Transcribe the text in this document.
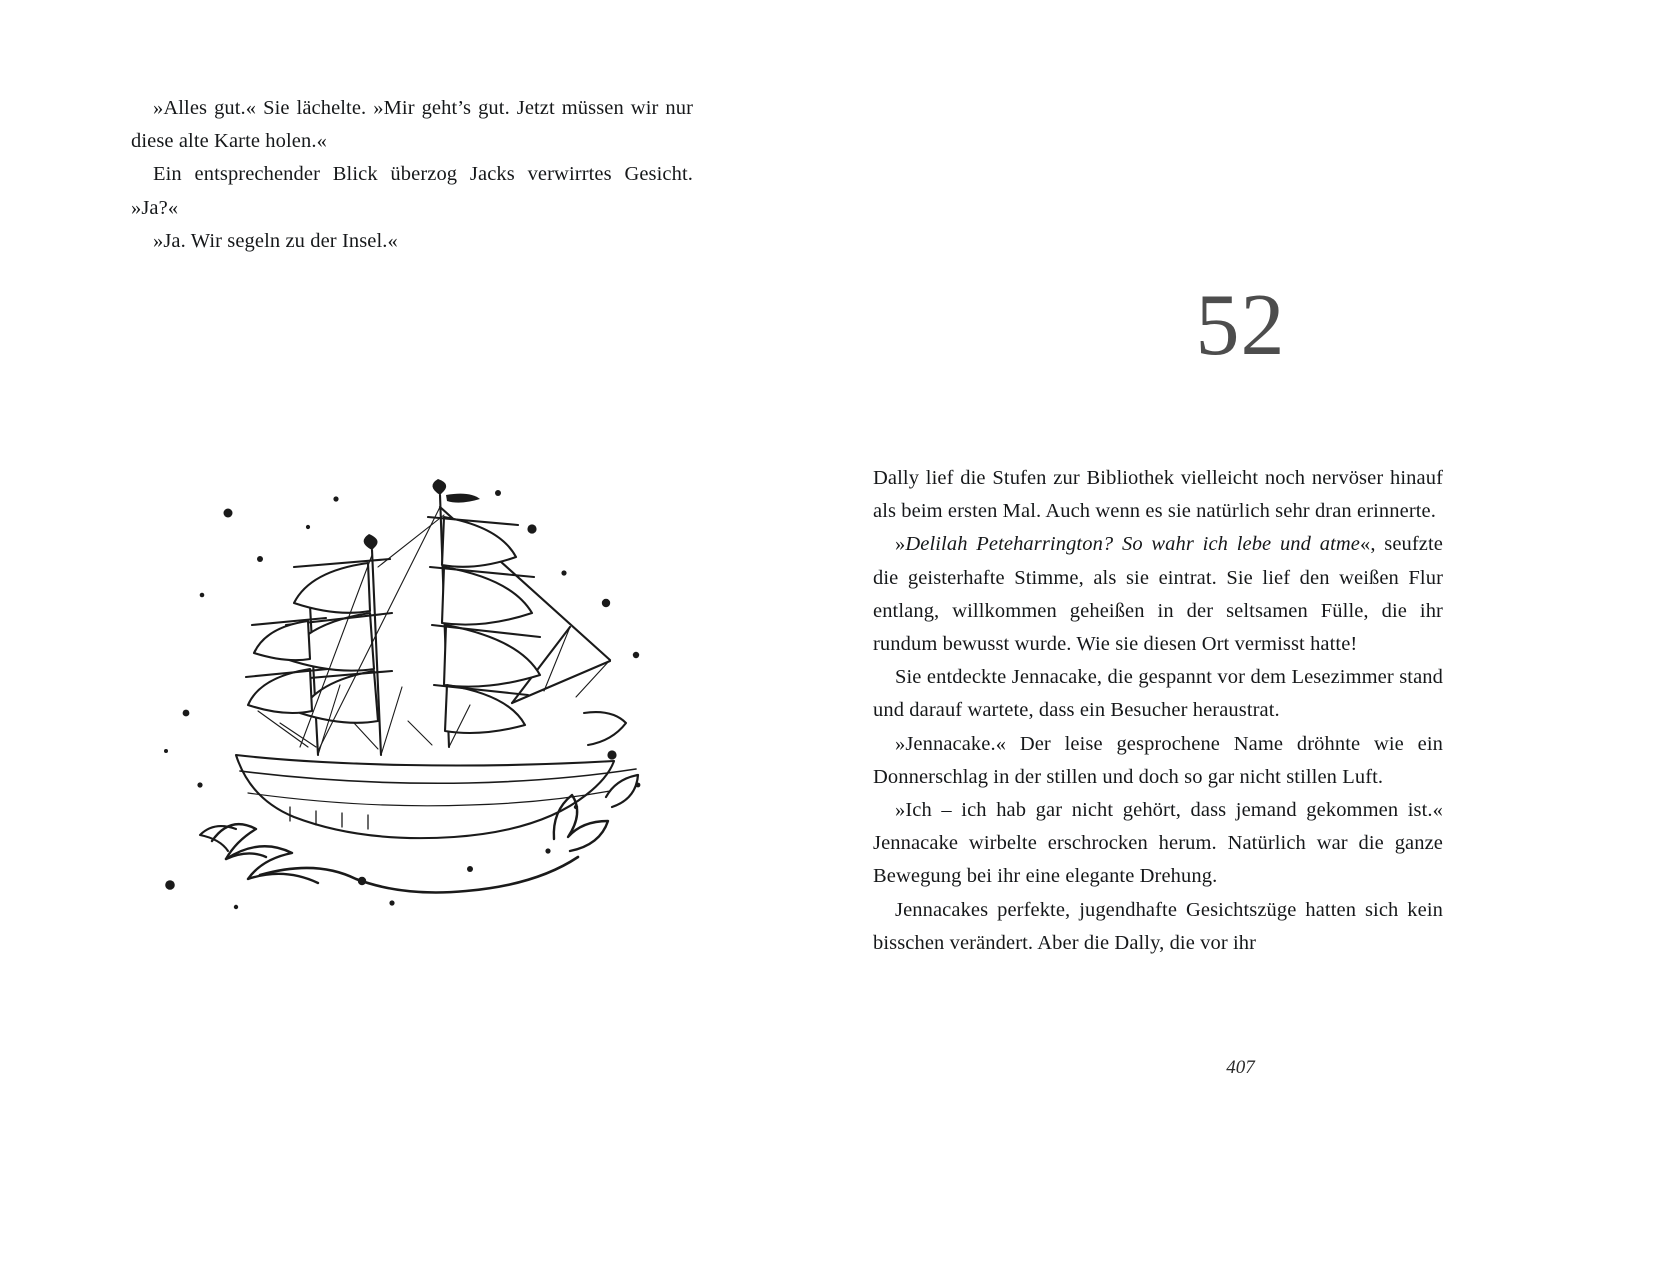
»Alles gut.« Sie lächelte. »Mir geht’s gut. Jetzt müssen wir nur diese alte Karte holen.«

Ein entsprechender Blick überzog Jacks verwirrtes Gesicht. »Ja?«

»Ja. Wir segeln zu der Insel.«

52

Dally lief die Stufen zur Bibliothek vielleicht noch nervöser hinauf als beim ersten Mal. Auch wenn es sie natürlich sehr dran erinnerte.

»Delilah Peteharrington? So wahr ich lebe und atme«, seufzte die geisterhafte Stimme, als sie eintrat. Sie lief den weißen Flur entlang, willkommen geheißen in der seltsamen Fülle, die ihr rundum bewusst wurde. Wie sie diesen Ort vermisst hatte!

Sie entdeckte Jennacake, die gespannt vor dem Lesezimmer stand und darauf wartete, dass ein Besucher heraustrat.

»Jennacake.« Der leise gesprochene Name dröhnte wie ein Donnerschlag in der stillen und doch so gar nicht stillen Luft.

»Ich – ich hab gar nicht gehört, dass jemand gekommen ist.« Jennacake wirbelte erschrocken herum. Natürlich war die ganze Bewegung bei ihr eine elegante Drehung.

Jennacakes perfekte, jugendhafte Gesichtszüge hatten sich kein bisschen verändert. Aber die Dally, die vor ihr

407
